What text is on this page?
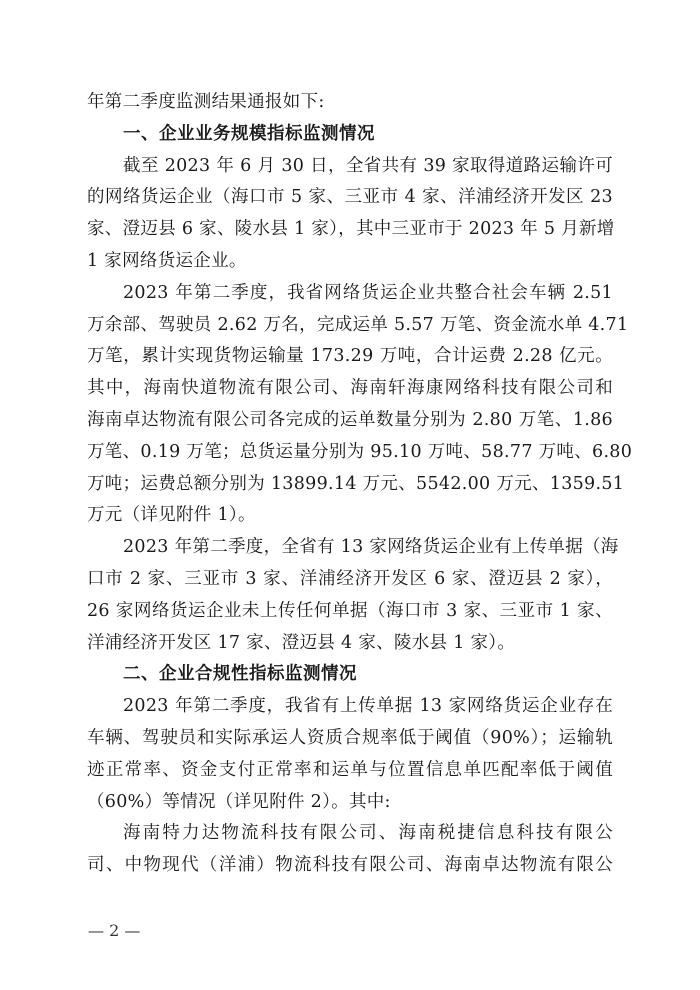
年第二季度监测结果通报如下:
一、企业业务规模指标监测情况
截至 2023 年 6 月 30 日，全省共有 39 家取得道路运输许可
的网络货运企业（海口市 5 家、三亚市 4 家、洋浦经济开发区 23
家、澄迈县 6 家、陵水县 1 家），其中三亚市于 2023 年 5 月新增
1 家网络货运企业。
2023 年第二季度，我省网络货运企业共整合社会车辆 2.51
万余部、驾驶员 2.62 万名，完成运单 5.57 万笔、资金流水单 4.71
万笔，累计实现货物运输量 173.29 万吨，合计运费 2.28 亿元。
其中，海南快道物流有限公司、海南轩海康网络科技有限公司和
海南卓达物流有限公司各完成的运单数量分别为 2.80 万笔、1.86
万笔、0.19 万笔；总货运量分别为 95.10 万吨、58.77 万吨、6.80
万吨；运费总额分别为 13899.14 万元、5542.00 万元、1359.51
万元（详见附件 1）。
2023 年第二季度，全省有 13 家网络货运企业有上传单据（海
口市 2 家、三亚市 3 家、洋浦经济开发区 6 家、澄迈县 2 家），
26 家网络货运企业未上传任何单据（海口市 3 家、三亚市 1 家、
洋浦经济开发区 17 家、澄迈县 4 家、陵水县 1 家）。
二、企业合规性指标监测情况
2023 年第二季度，我省有上传单据 13 家网络货运企业存在
车辆、驾驶员和实际承运人资质合规率低于阈值（90%）；运输轨
迹正常率、资金支付正常率和运单与位置信息单匹配率低于阈值
（60%）等情况（详见附件 2）。其中:
海南特力达物流科技有限公司、海南税捷信息科技有限公
司、中物现代（洋浦）物流科技有限公司、海南卓达物流有限公
— 2 —
